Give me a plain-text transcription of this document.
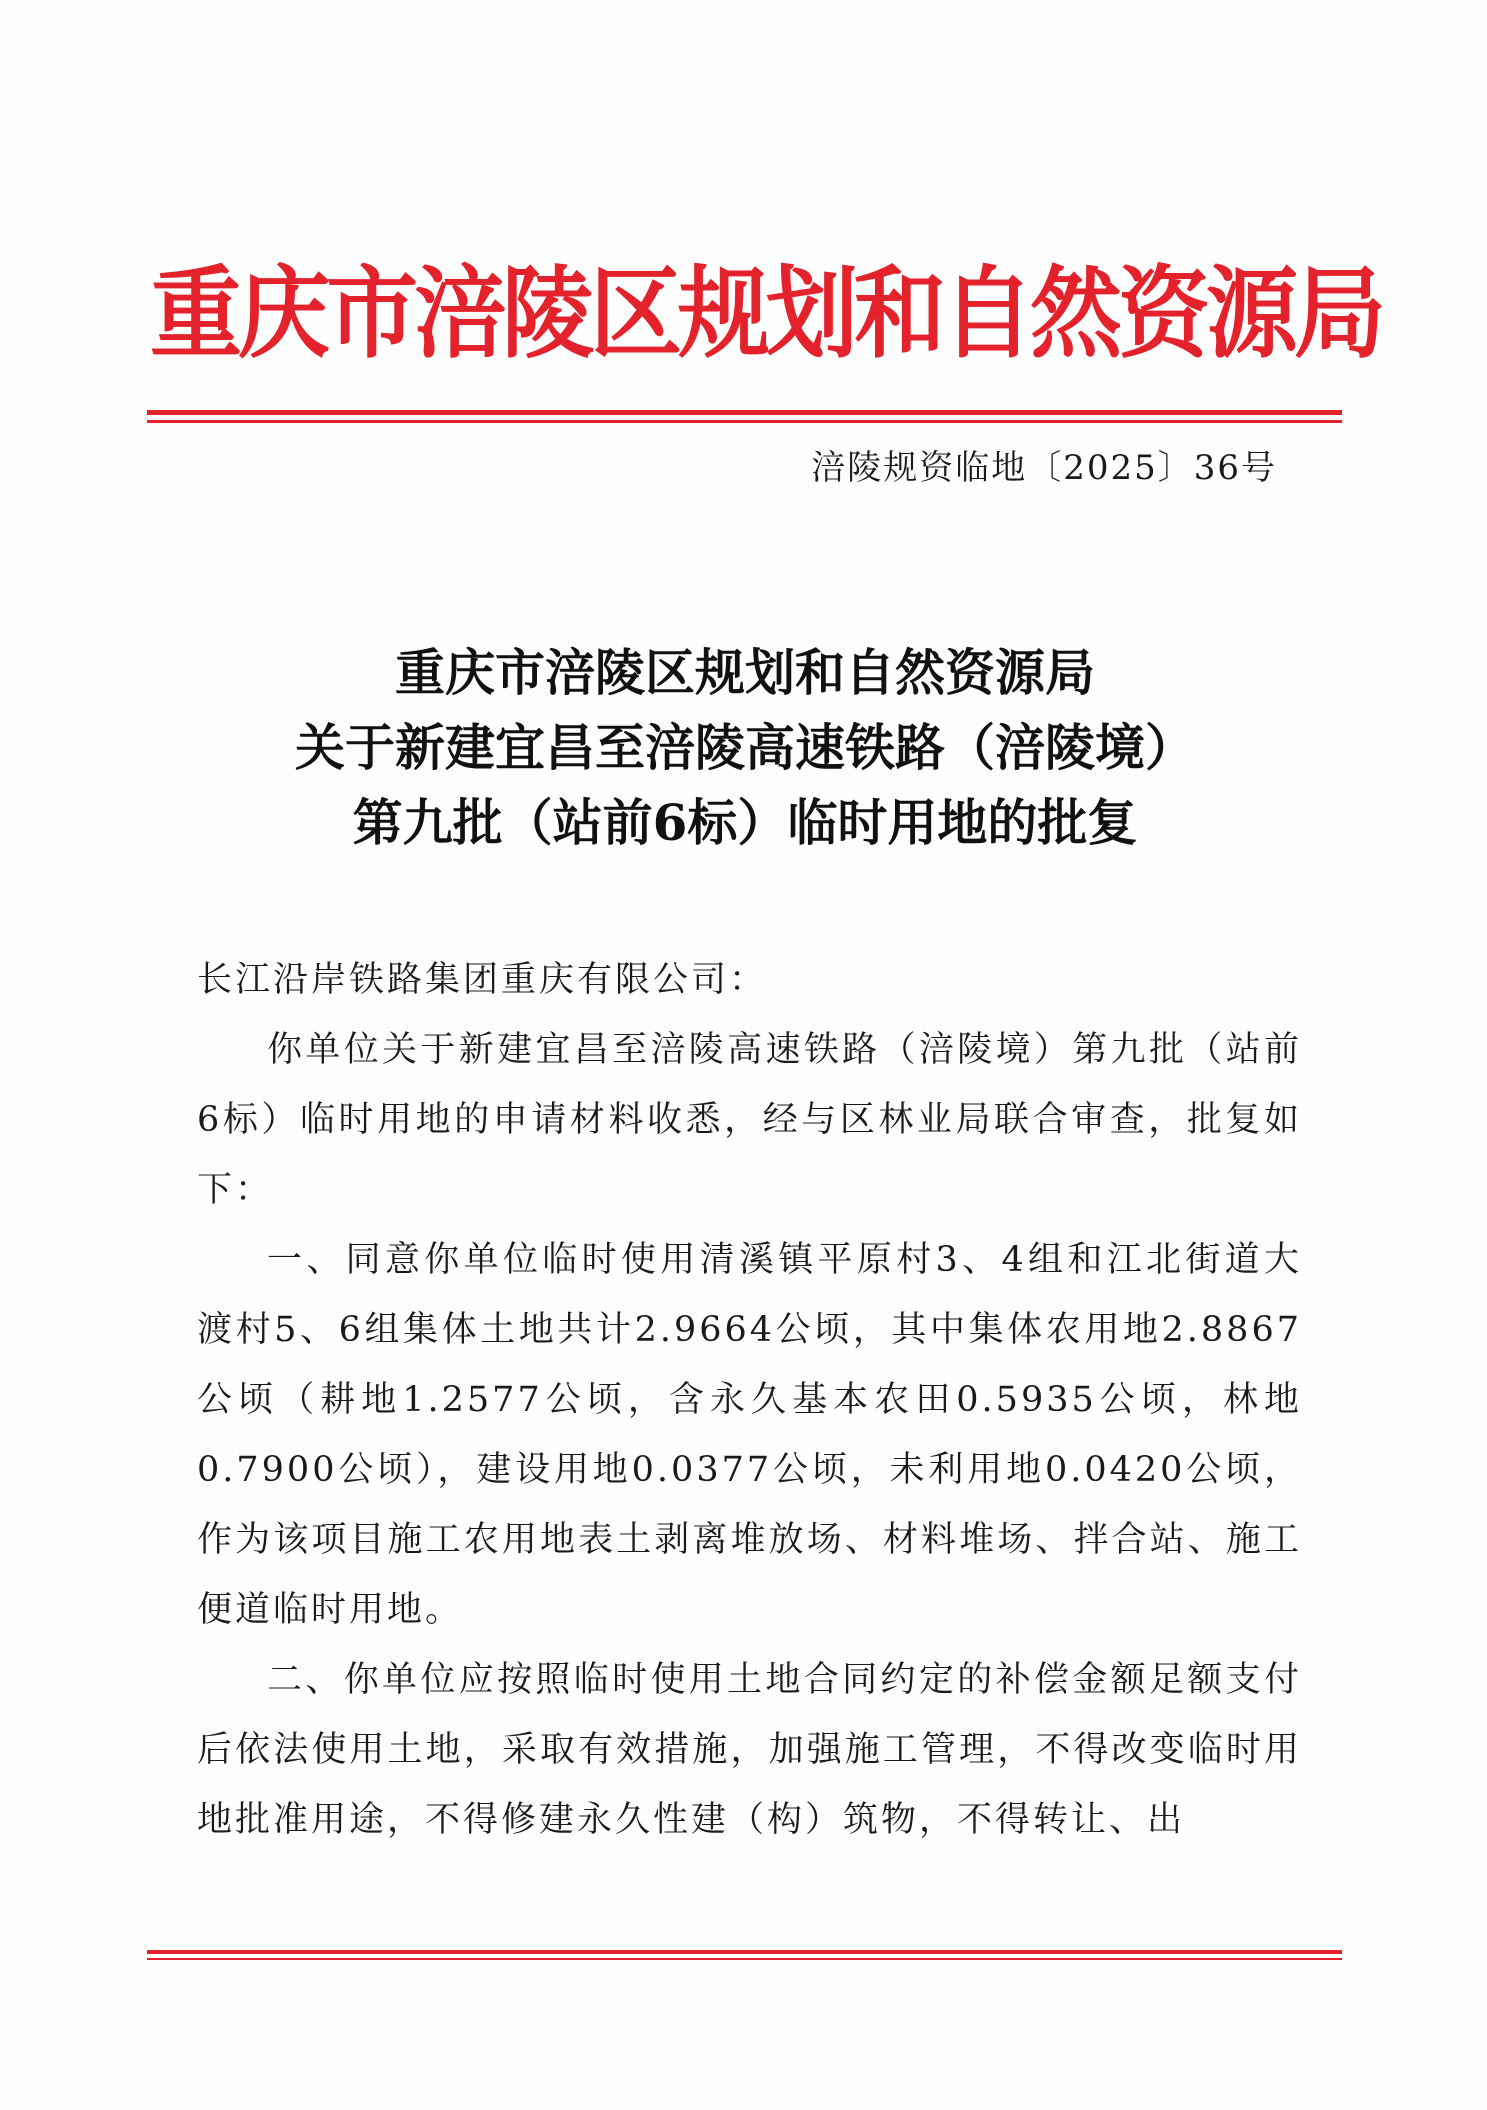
重庆市涪陵区规划和自然资源局
涪陵规资临地〔2025〕36号
重庆市涪陵区规划和自然资源局
关于新建宜昌至涪陵高速铁路（涪陵境）
第九批（站前6标）临时用地的批复

长江沿岸铁路集团重庆有限公司：

你单位关于新建宜昌至涪陵高速铁路（涪陵境）第九批（站前6标）临时用地的申请材料收悉，经与区林业局联合审查，批复如下：

一、同意你单位临时使用清溪镇平原村3、4组和江北街道大渡村5、6组集体土地共计2.9664公顷，其中集体农用地2.8867公顷（耕地1.2577公顷，含永久基本农田0.5935公顷，林地0.7900公顷），建设用地0.0377公顷，未利用地0.0420公顷，作为该项目施工农用地表土剥离堆放场、材料堆场、拌合站、施工便道临时用地。

二、你单位应按照临时使用土地合同约定的补偿金额足额支付后依法使用土地，采取有效措施，加强施工管理，不得改变临时用地批准用途，不得修建永久性建（构）筑物，不得转让、出
